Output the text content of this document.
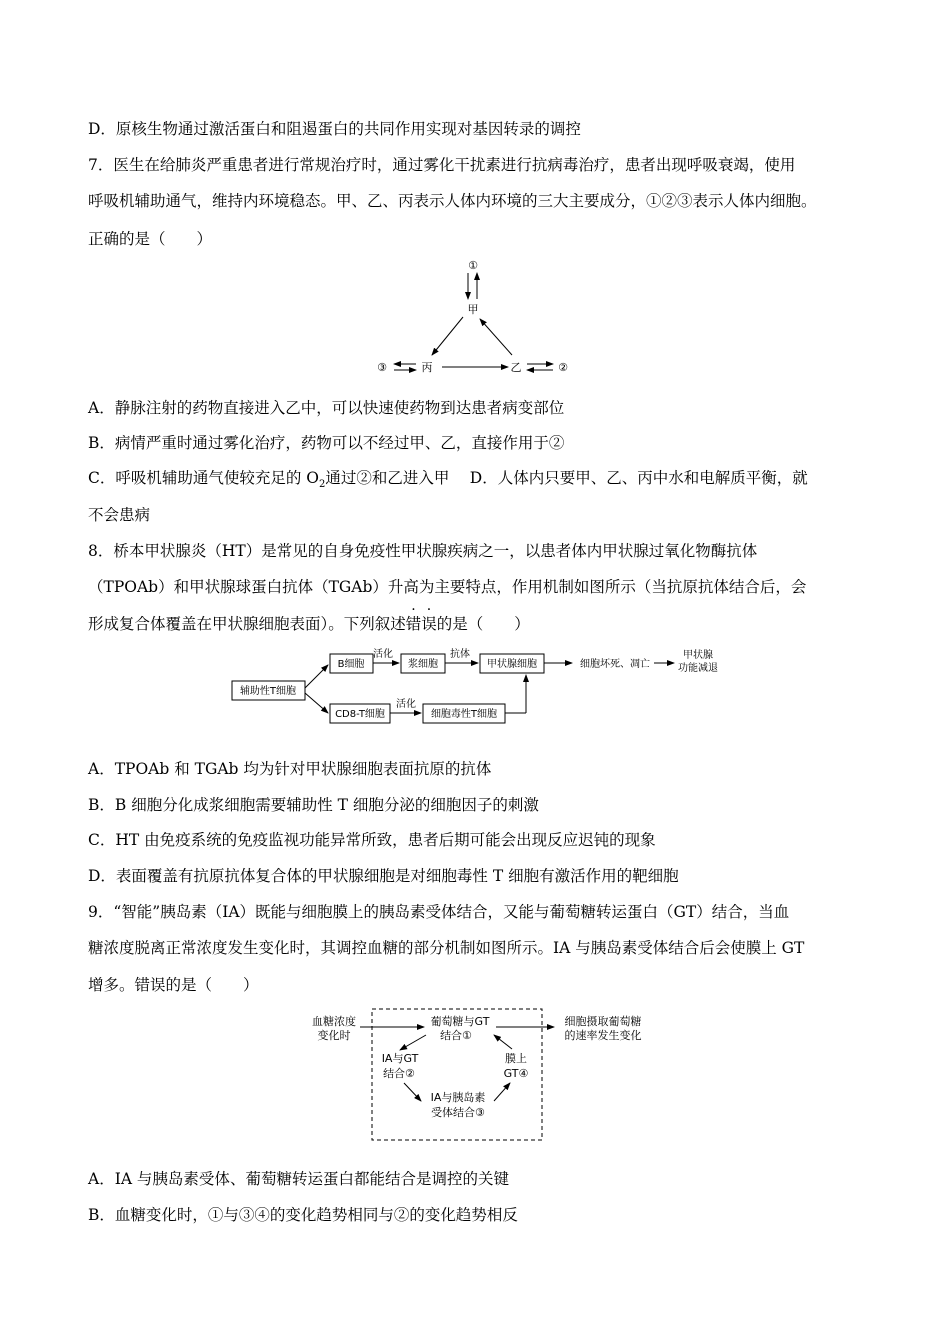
D．原核生物通过激活蛋白和阻遏蛋白的共同作用实现对基因转录的调控
7．医生在给肺炎严重患者进行常规治疗时，通过雾化干扰素进行抗病毒治疗，患者出现呼吸衰竭，使用
呼吸机辅助通气，维持内环境稳态。甲、乙、丙表示人体内环境的三大主要成分，①②③表示人体内细胞。
正确的是（　　）
①
甲
丙	乙
③	②
A．静脉注射的药物直接进入乙中，可以快速使药物到达患者病变部位
B．病情严重时通过雾化治疗，药物可以不经过甲、乙，直接作用于②
C．呼吸机辅助通气使较充足的 $O_2$通过②和乙进入甲　 D．人体内只要甲、乙、丙中水和电解质平衡，就
不会患病
8．桥本甲状腺炎（HT）是常见的自身免疫性甲状腺疾病之一，以患者体内甲状腺过氧化物酶抗体
（TPOAb）和甲状腺球蛋白抗体（TGAb）升高为主要特点，作用机制如图所示（当抗原抗体结合后，会
形成复合体覆盖在甲状腺细胞表面）。下列叙述错误的是（　　）
辅助性T细胞
B细胞
活化
浆细胞
抗体
甲状腺细胞	细胞坏死、凋亡
甲状腺
功能减退
CD8-T细胞
活化
细胞毒性T细胞
A．TPOAb 和 TGAb 均为针对甲状腺细胞表面抗原的抗体
B．B 细胞分化成浆细胞需要辅助性 T 细胞分泌的细胞因子的刺激
C．HT 由免疫系统的免疫监视功能异常所致，患者后期可能会出现反应迟钝的现象
D．表面覆盖有抗原抗体复合体的甲状腺细胞是对细胞毒性 T 细胞有激活作用的靶细胞
9．“智能”胰岛素（IA）既能与细胞膜上的胰岛素受体结合，又能与葡萄糖转运蛋白（GT）结合，当血
糖浓度脱离正常浓度发生变化时，其调控血糖的部分机制如图所示。IA 与胰岛素受体结合后会使膜上 GT
增多。错误的是（　　）
血糖浓度
变化时
葡萄糖与GT
结合①
细胞摄取葡萄糖
的速率发生变化
IA与GT
结合②
IA与胰岛素
受体结合③
膜上
GT④
A．IA 与胰岛素受体、葡萄糖转运蛋白都能结合是调控的关键
B．血糖变化时，①与③④的变化趋势相同与②的变化趋势相反
